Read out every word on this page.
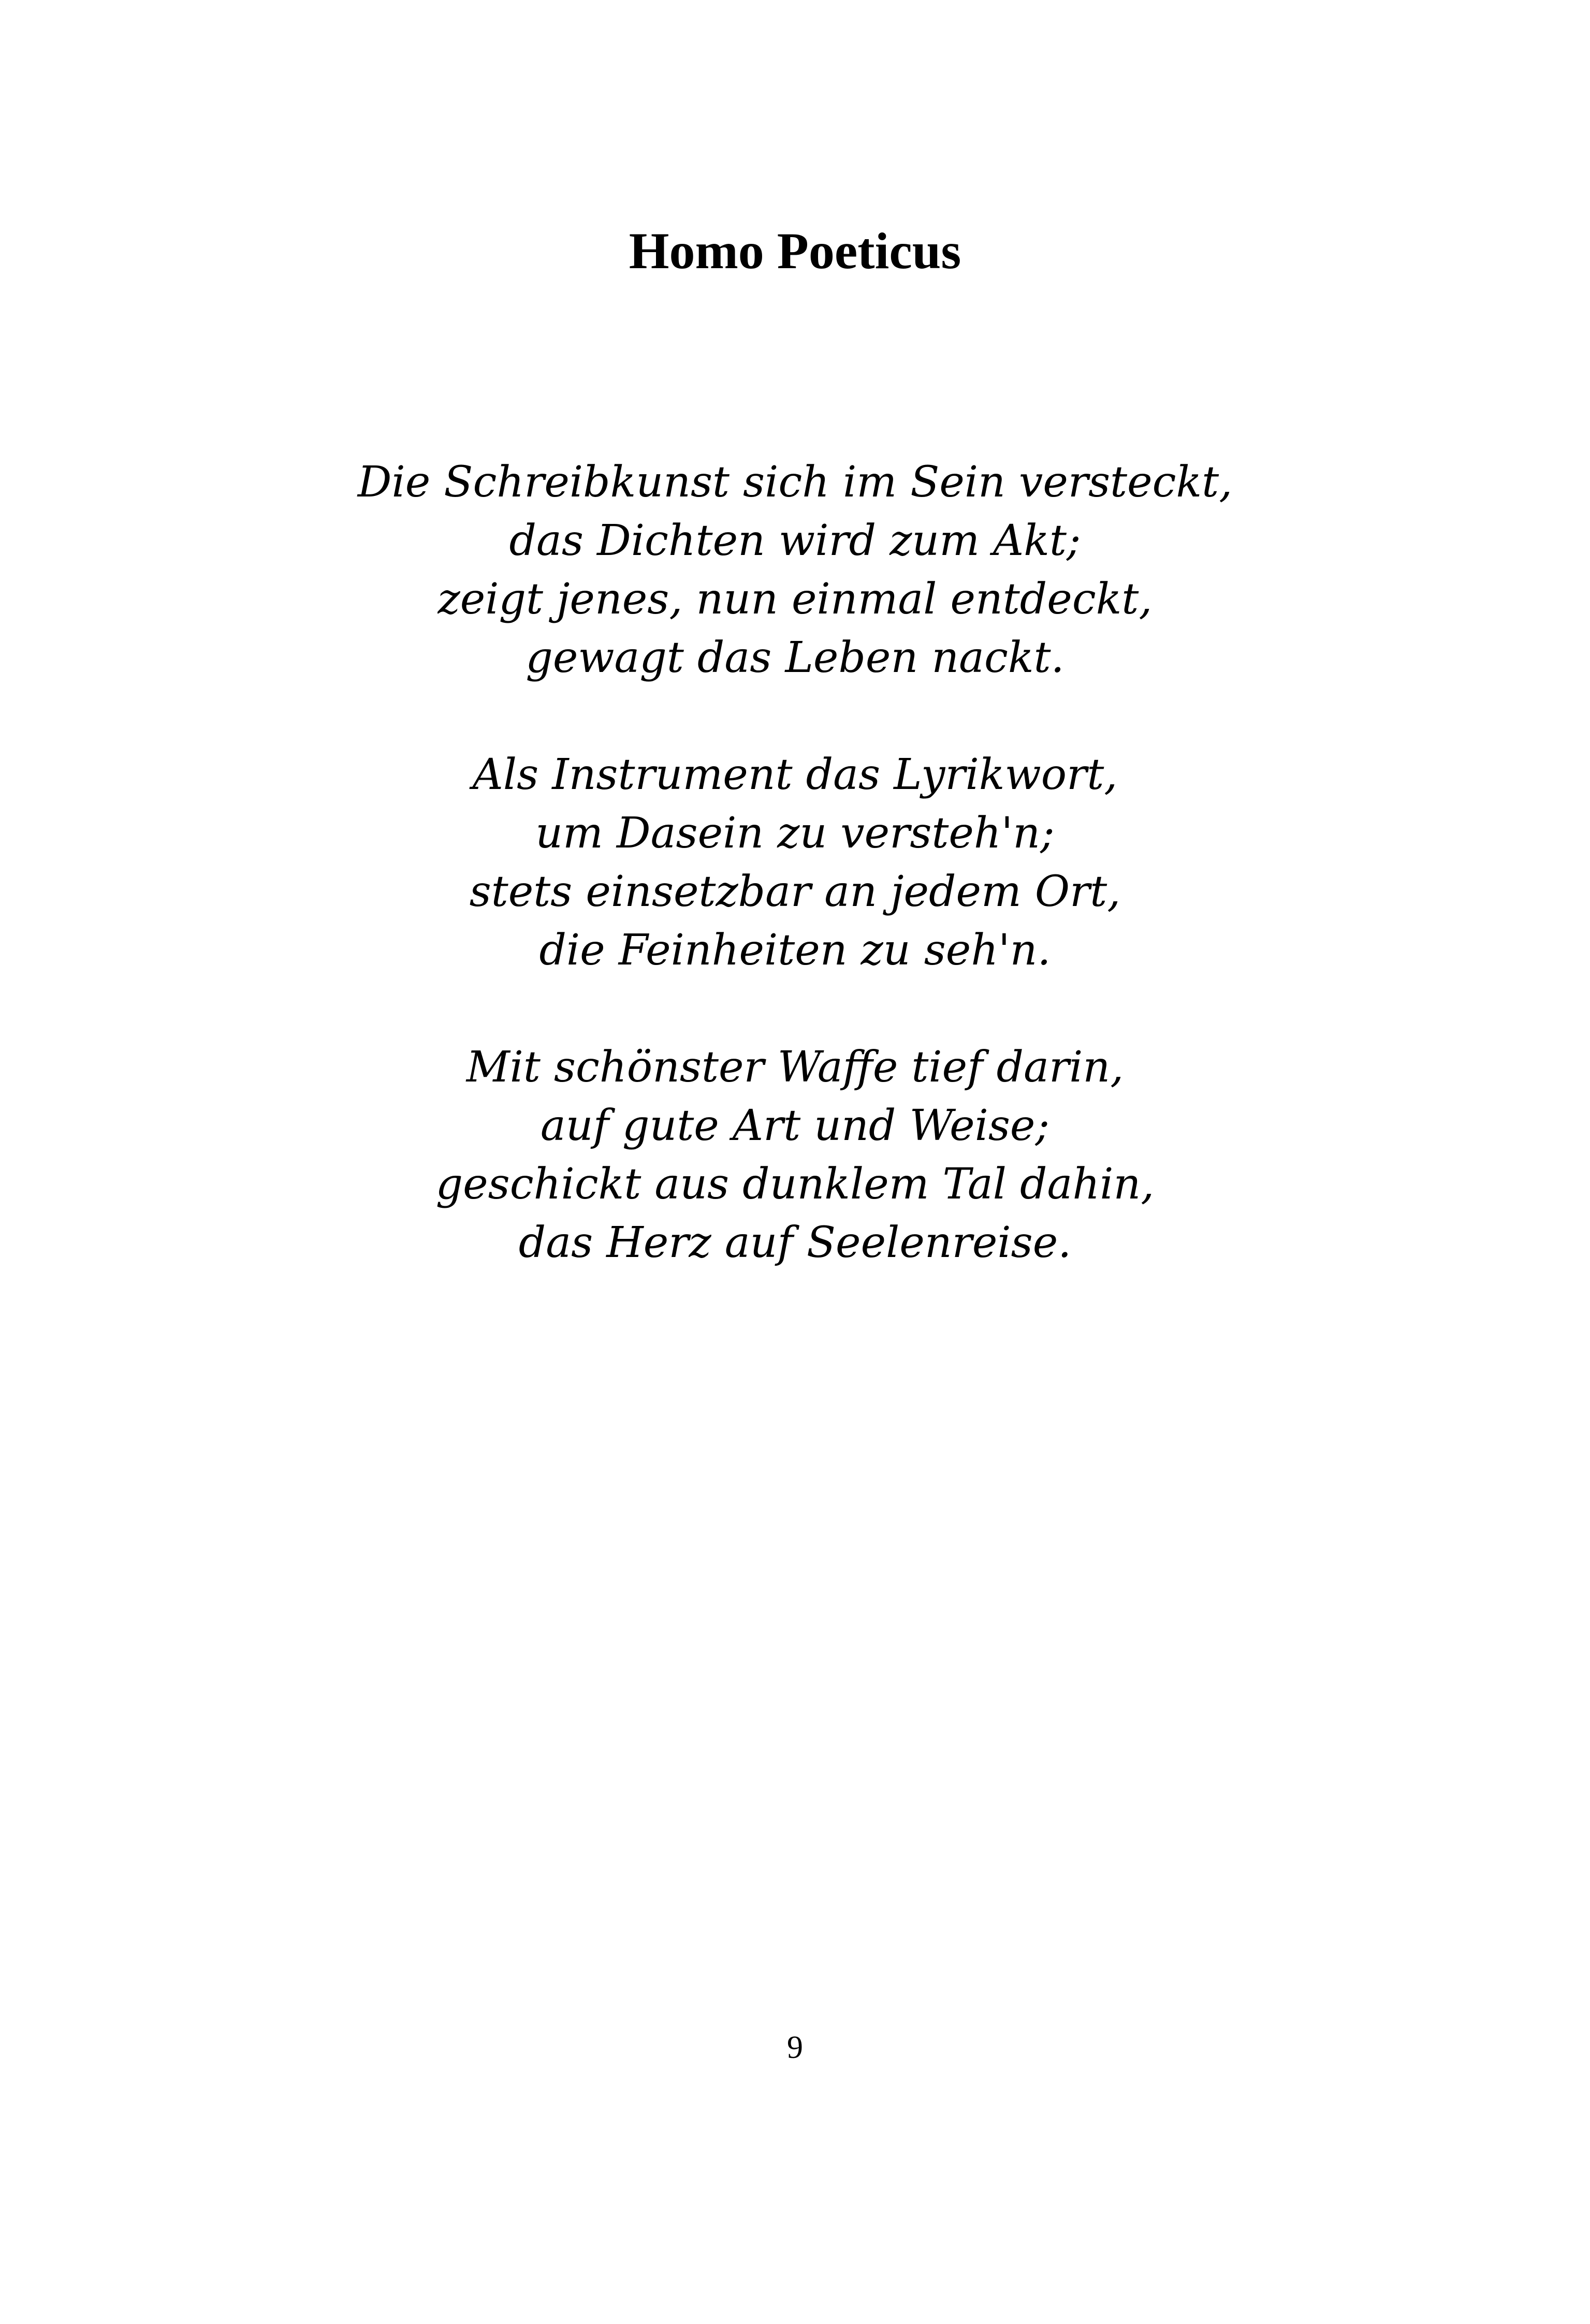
Homo Poeticus

Die Schreibkunst sich im Sein versteckt,
das Dichten wird zum Akt;
zeigt jenes, nun einmal entdeckt,
gewagt das Leben nackt.

Als Instrument das Lyrikwort,
um Dasein zu versteh'n;
stets einsetzbar an jedem Ort,
die Feinheiten zu seh'n.

Mit schönster Waffe tief darin,
auf gute Art und Weise;
geschickt aus dunklem Tal dahin,
das Herz auf Seelenreise.

9
